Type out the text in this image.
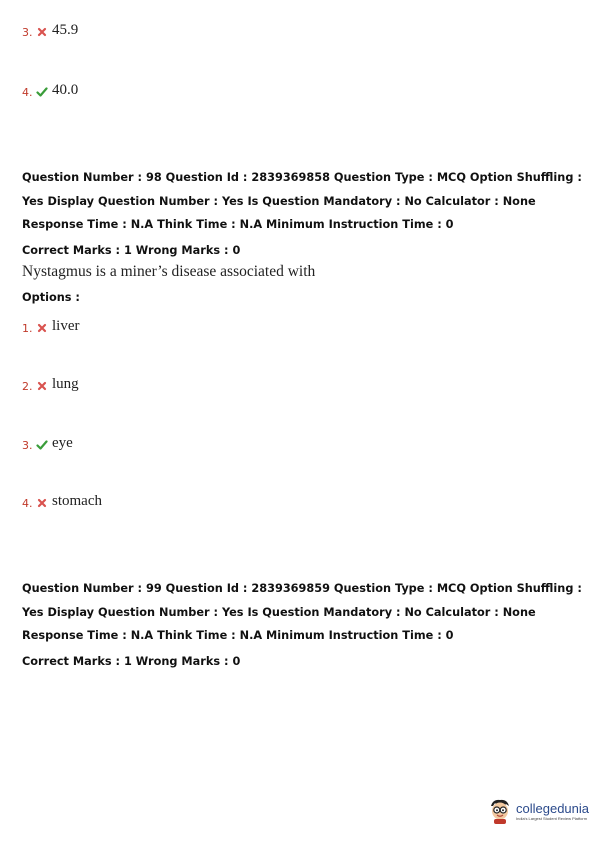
3. 45.9
4. 40.0
Question Number : 98 Question Id : 2839369858 Question Type : MCQ Option Shuffling : Yes Display Question Number : Yes Is Question Mandatory : No Calculator : None Response Time : N.A Think Time : N.A Minimum Instruction Time : 0
Correct Marks : 1 Wrong Marks : 0
Nystagmus is a miner’s disease associated with
Options :
1. liver
2. lung
3. eye
4. stomach
Question Number : 99 Question Id : 2839369859 Question Type : MCQ Option Shuffling : Yes Display Question Number : Yes Is Question Mandatory : No Calculator : None Response Time : N.A Think Time : N.A Minimum Instruction Time : 0
Correct Marks : 1 Wrong Marks : 0
collegedunia
India's Largest Student Review Platform
